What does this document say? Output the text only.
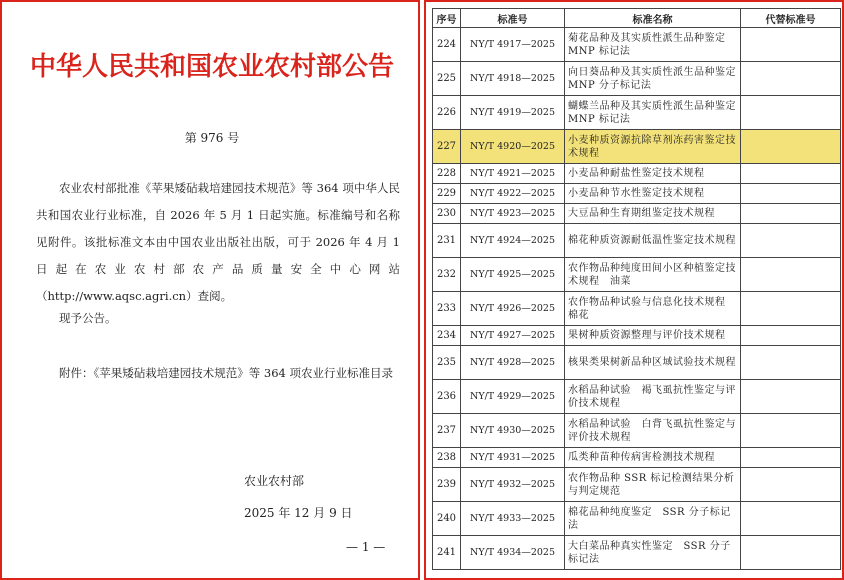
中华人民共和国农业农村部公告
第 976 号

农业农村部批准《苹果矮砧栽培建园技术规范》等 364 项中华人民共和国农业行业标准，自 2026 年 5 月 1 日起实施。标准编号和名称见附件。该批标准文本由中国农业出版社出版，可于 2026 年 4 月 1 日起在农业农村部农产品质量安全中心网站（http://www.aqsc.agri.cn）查阅。

现予公告。

附件：《苹果矮砧栽培建园技术规范》等 364 项农业行业标准目录

农业农村部
2025 年 12 月 9 日
— 1 —
序号	标准号	标准名称	代替标准号
224	NY/T 4917—2025	菊花品种及其实质性派生品种鉴定 MNP 标记法	
225	NY/T 4918—2025	向日葵品种及其实质性派生品种鉴定 MNP 分子标记法	
226	NY/T 4919—2025	蝴蝶兰品种及其实质性派生品种鉴定 MNP 标记法	
227	NY/T 4920—2025	小麦种质资源抗除草剂冻药害鉴定技术规程	
228	NY/T 4921—2025	小麦品种耐盐性鉴定技术规程	
229	NY/T 4922—2025	小麦品种节水性鉴定技术规程	
230	NY/T 4923—2025	大豆品种生育期组鉴定技术规程	
231	NY/T 4924—2025	棉花种质资源耐低温性鉴定技术规程	
232	NY/T 4925—2025	农作物品种纯度田间小区种植鉴定技术规程　油菜	
233	NY/T 4926—2025	农作物品种试验与信息化技术规程　棉花	
234	NY/T 4927—2025	果树种质资源整理与评价技术规程	
235	NY/T 4928—2025	核果类果树新品种区域试验技术规程	
236	NY/T 4929—2025	水稻品种试验　褐飞虱抗性鉴定与评价技术规程	
237	NY/T 4930—2025	水稻品种试验　白背飞虱抗性鉴定与评价技术规程	
238	NY/T 4931—2025	瓜类种苗种传病害检测技术规程	
239	NY/T 4932—2025	农作物品种 SSR 标记检测结果分析与判定规范	
240	NY/T 4933—2025	棉花品种纯度鉴定　SSR 分子标记法	
241	NY/T 4934—2025	大白菜品种真实性鉴定　SSR 分子标记法	
